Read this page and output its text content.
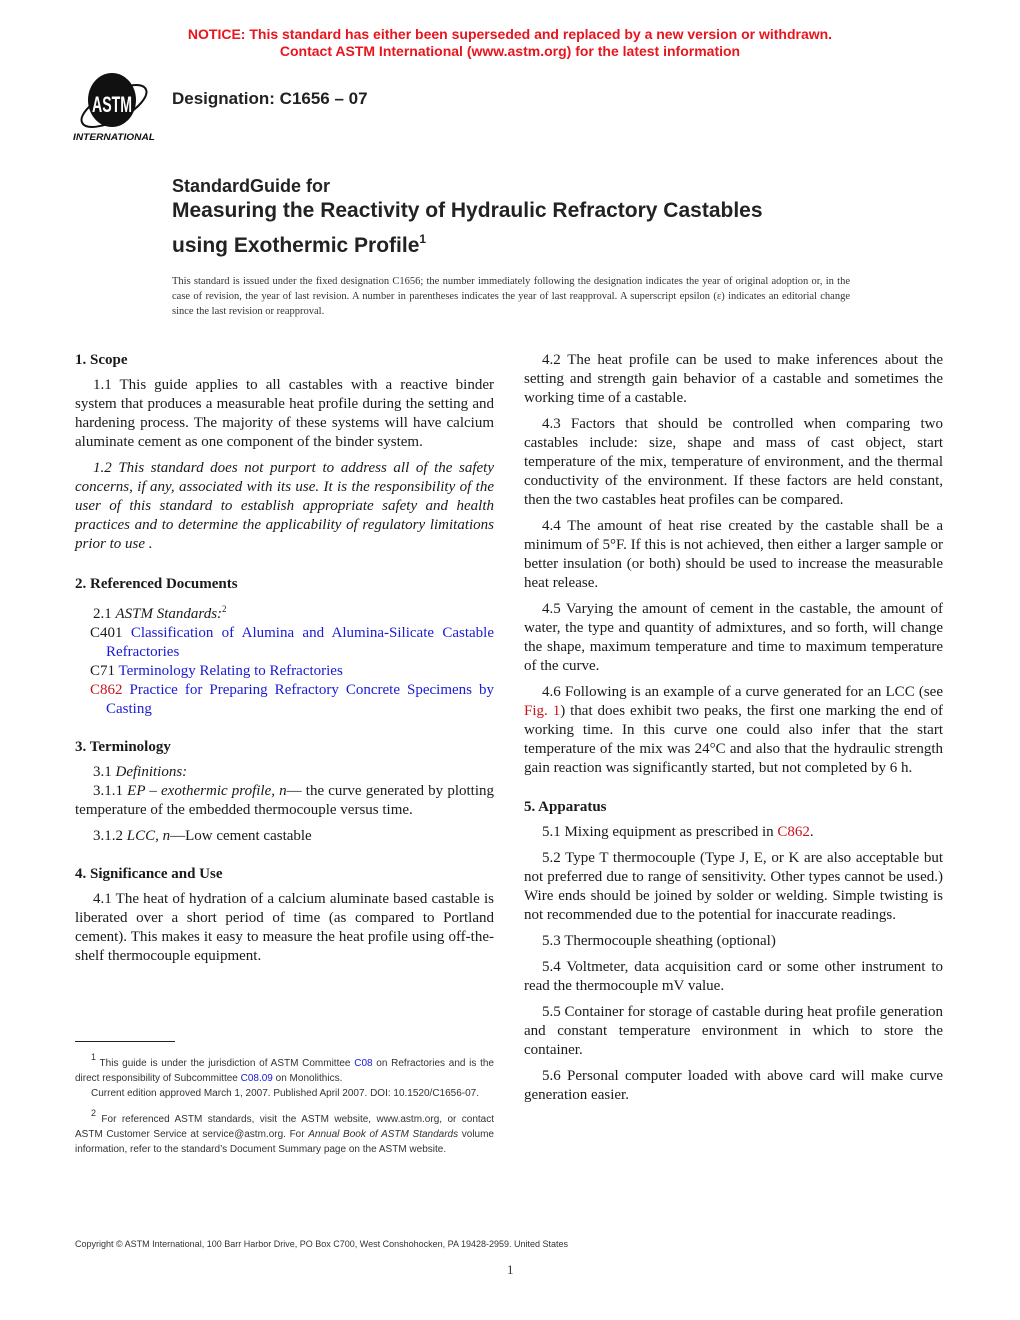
NOTICE: This standard has either been superseded and replaced by a new version or withdrawn.
Contact ASTM International (www.astm.org) for the latest information
ASTM
INTERNATIONAL
Designation: C1656 – 07
StandardGuide for
Measuring the Reactivity of Hydraulic Refractory Castables
using Exothermic Profile$^1$
This standard is issued under the fixed designation C1656; the number immediately following the designation indicates the year of original adoption or, in the case of revision, the year of last revision. A number in parentheses indicates the year of last reapproval. A superscript epsilon (ε) indicates an editorial change since the last revision or reapproval.
1. Scope
1.1 This guide applies to all castables with a reactive binder system that produces a measurable heat profile during the setting and hardening process. The majority of these systems will have calcium aluminate cement as one component of the binder system.
1.2 This standard does not purport to address all of the safety concerns, if any, associated with its use. It is the responsibility of the user of this standard to establish appropriate safety and health practices and to determine the applicability of regulatory limitations prior to use .
2. Referenced Documents
2.1 ASTM Standards:$^2$
C401 Classification of Alumina and Alumina-Silicate Castable Refractories
C71 Terminology Relating to Refractories
C862 Practice for Preparing Refractory Concrete Specimens by Casting
3. Terminology
3.1 Definitions:
3.1.1 EP – exothermic profile, n— the curve generated by plotting temperature of the embedded thermocouple versus time.
3.1.2 LCC, n—Low cement castable
4. Significance and Use
4.1 The heat of hydration of a calcium aluminate based castable is liberated over a short period of time (as compared to Portland cement). This makes it easy to measure the heat profile using off-the-shelf thermocouple equipment.
$^1$ This guide is under the jurisdiction of ASTM Committee C08 on Refractories and is the direct responsibility of Subcommittee C08.09 on Monolithics.
Current edition approved March 1, 2007. Published April 2007. DOI: 10.1520/C1656-07.
$^2$ For referenced ASTM standards, visit the ASTM website, www.astm.org, or contact ASTM Customer Service at service@astm.org. For Annual Book of ASTM Standards volume information, refer to the standard’s Document Summary page on the ASTM website.
4.2 The heat profile can be used to make inferences about the setting and strength gain behavior of a castable and sometimes the working time of a castable.
4.3 Factors that should be controlled when comparing two castables include: size, shape and mass of cast object, start temperature of the mix, temperature of environment, and the thermal conductivity of the environment. If these factors are held constant, then the two castables heat profiles can be compared.
4.4 The amount of heat rise created by the castable shall be a minimum of 5°F. If this is not achieved, then either a larger sample or better insulation (or both) should be used to increase the measurable heat release.
4.5 Varying the amount of cement in the castable, the amount of water, the type and quantity of admixtures, and so forth, will change the shape, maximum temperature and time to maximum temperature of the curve.
4.6 Following is an example of a curve generated for an LCC (see Fig. 1) that does exhibit two peaks, the first one marking the end of working time. In this curve one could also infer that the start temperature of the mix was 24°C and also that the hydraulic strength gain reaction was significantly started, but not completed by 6 h.
5. Apparatus
5.1 Mixing equipment as prescribed in C862.
5.2 Type T thermocouple (Type J, E, or K are also acceptable but not preferred due to range of sensitivity. Other types cannot be used.) Wire ends should be joined by solder or welding. Simple twisting is not recommended due to the potential for inaccurate readings.
5.3 Thermocouple sheathing (optional)
5.4 Voltmeter, data acquisition card or some other instrument to read the thermocouple mV value.
5.5 Container for storage of castable during heat profile generation and constant temperature environment in which to store the container.
5.6 Personal computer loaded with above card will make curve generation easier.
Copyright © ASTM International, 100 Barr Harbor Drive, PO Box C700, West Conshohocken, PA 19428-2959. United States
1
